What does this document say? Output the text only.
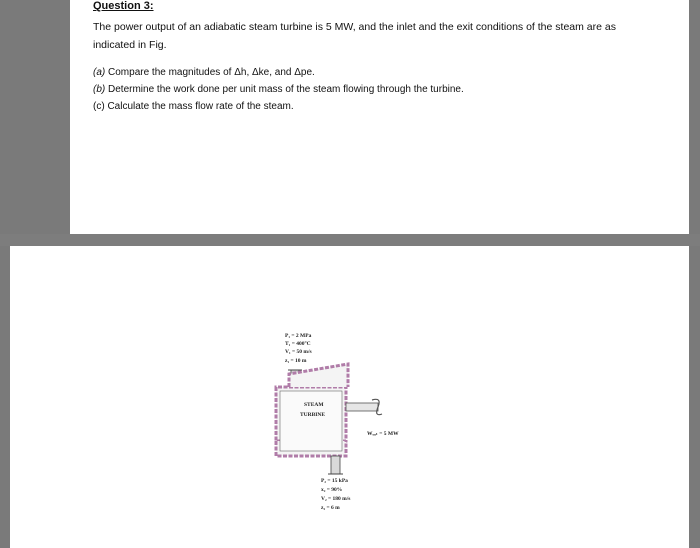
Question 3:
The power output of an adiabatic steam turbine is 5 MW, and the inlet and the exit conditions of the steam are as indicated in Fig.
(a) Compare the magnitudes of Δh, Δke, and Δpe.
(b) Determine the work done per unit mass of the steam flowing through the turbine.
(c) Calculate the mass flow rate of the steam.
P₁ = 2 MPa
T₁ = 400°C
V₁ = 50 m/s
z₁ = 10 m
STEAM
TURBINE
Wₒᵤₜ = 5 MW
P₂ = 15 kPa
x₂ = 90%
V₂ = 180 m/s
z₂ = 6 m
